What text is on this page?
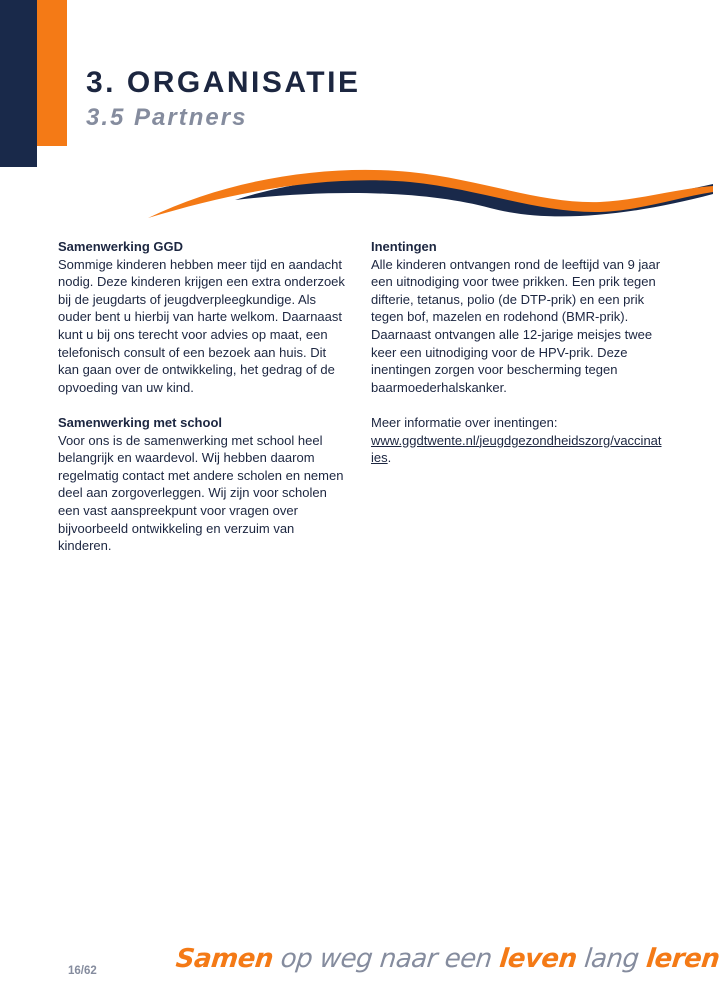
3. ORGANISATIE
3.5 Partners

Samenwerking GGD
Sommige kinderen hebben meer tijd en aandacht nodig. Deze kinderen krijgen een extra onderzoek bij de jeugdarts of jeugdverpleegkundige. Als ouder bent u hierbij van harte welkom. Daarnaast kunt u bij ons terecht voor advies op maat, een telefonisch consult of een bezoek aan huis. Dit kan gaan over de ontwikkeling, het gedrag of de opvoeding van uw kind.

Samenwerking met school
Voor ons is de samenwerking met school heel belangrijk en waardevol. Wij hebben daarom regelmatig contact met andere scholen en nemen deel aan zorgoverleggen. Wij zijn voor scholen een vast aanspreekpunt voor vragen over bijvoorbeeld ontwikkeling en verzuim van kinderen.

Inentingen
Alle kinderen ontvangen rond de leeftijd van 9 jaar een uitnodiging voor twee prikken. Een prik tegen difterie, tetanus, polio (de DTP-prik) en een prik tegen bof, mazelen en rodehond (BMR-prik). Daarnaast ontvangen alle 12-jarige meisjes twee keer een uitnodiging voor de HPV-prik. Deze inentingen zorgen voor bescherming tegen baarmoederhalskanker.

Meer informatie over inentingen:
www.ggdtwente.nl/jeugdgezondheidszorg/vaccinaties.

16/62	Samen op weg naar een leven lang leren
